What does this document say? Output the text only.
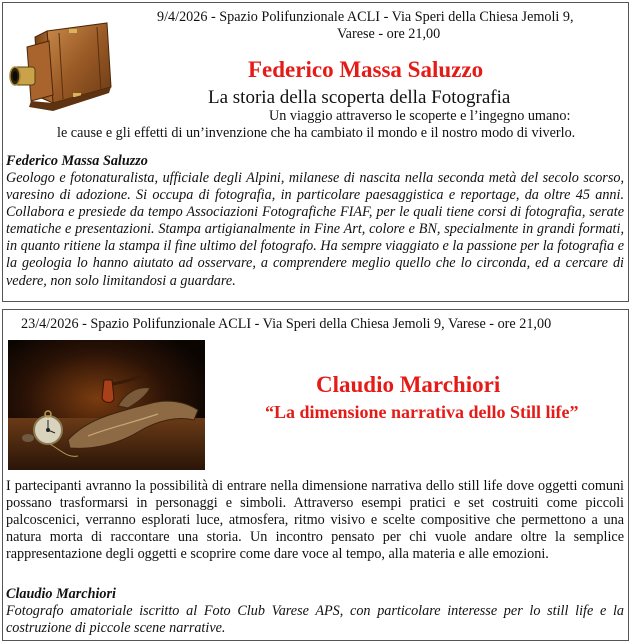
9/4/2026 - Spazio Polifunzionale ACLI - Via Speri della Chiesa Jemoli 9,
Varese - ore 21,00
Federico Massa Saluzzo
La storia della scoperta della Fotografia
Un viaggio attraverso le scoperte e l’ingegno umano:
le cause e gli effetti di un’invenzione che ha cambiato il mondo e il nostro modo di viverlo.
Federico Massa Saluzzo
Geologo e fotonaturalista, ufficiale degli Alpini, milanese di nascita nella seconda metà del secolo scorso, varesino di adozione. Si occupa di fotografia, in particolare paesaggistica e reportage, da oltre 45 anni. Collabora e presiede da tempo Associazioni Fotografiche FIAF, per le quali tiene corsi di fotografia, serate tematiche e presentazioni. Stampa artigianalmente in Fine Art, colore e BN, specialmente in grandi formati, in quanto ritiene la stampa il fine ultimo del fotografo. Ha sempre viaggiato e la passione per la fotografia e la geologia lo hanno aiutato ad osservare, a comprendere meglio quello che lo circonda, ed a cercare di vedere, non solo limitandosi a guardare.
23/4/2026 - Spazio Polifunzionale ACLI - Via Speri della Chiesa Jemoli 9, Varese - ore 21,00
Claudio Marchiori
“La dimensione narrativa dello Still life”
I partecipanti avranno la possibilità di entrare nella dimensione narrativa dello still life dove oggetti comuni possano trasformarsi in personaggi e simboli. Attraverso esempi pratici e set costruiti come piccoli palcoscenici, verranno esplorati luce, atmosfera, ritmo visivo e scelte compositive che permettono a una natura morta di raccontare una storia. Un incontro pensato per chi vuole andare oltre la semplice rappresentazione degli oggetti e scoprire come dare voce al tempo, alla materia e alle emozioni.
Claudio Marchiori
Fotografo amatoriale iscritto al Foto Club Varese APS, con particolare interesse per lo still life e la costruzione di piccole scene narrative.
